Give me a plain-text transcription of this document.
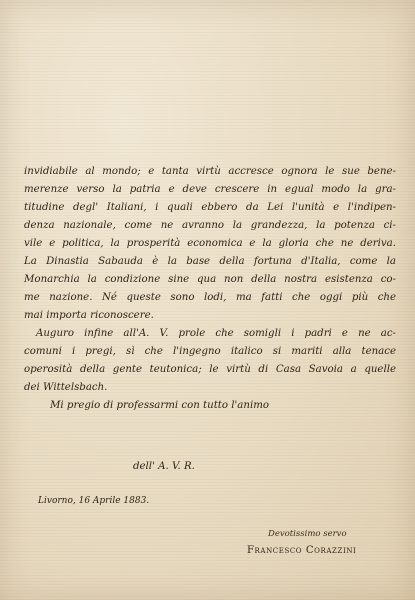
invidiabile al mondo; e tanta virtù accresce ognora le sue bene-
merenze verso la patria e deve crescere in egual modo la gra-
titudine degl' Italiani, i quali ebbero da Lei l'unità e l'indipen-
denza nazionale, come ne avranno la grandezza, la potenza ci-
vile e politica, la prosperità economica e la gloria che ne deriva.
La Dinastia Sabauda è la base della fortuna d'Italia, come la
Monarchia la condizione sine qua non della nostra esistenza co-
me nazione. Né queste sono lodi, ma fatti che oggi più che
mai importa riconoscere.
Auguro infine all'A. V. prole che somigli i padri e ne ac-
comuni i pregi, sì che l'ingegno italico si mariti alla tenace
operosità della gente teutonica; le virtù di Casa Savoia a quelle
dei Wittelsbach.
Mi pregio di professarmi con tutto l'animo
dell' A. V. R.
Livorno, 16 Aprile 1883.
Devotissimo servo
Francesco Corazzini
